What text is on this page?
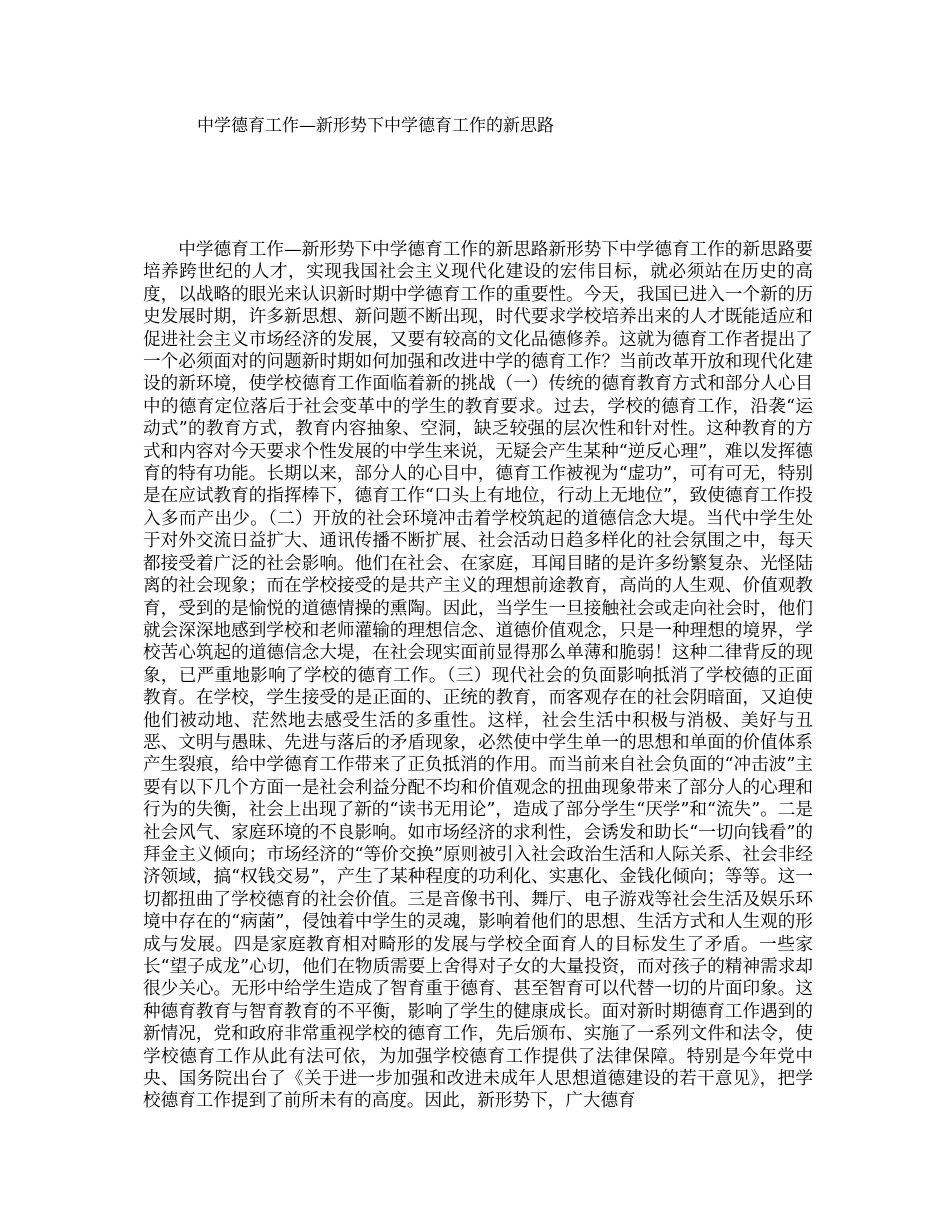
中学德育工作—新形势下中学德育工作的新思路

中学德育工作—新形势下中学德育工作的新思路新形势下中学德育工作的新思路要培养跨世纪的人才，实现我国社会主义现代化建设的宏伟目标，就必须站在历史的高度，以战略的眼光来认识新时期中学德育工作的重要性。今天，我国已进入一个新的历史发展时期，许多新思想、新问题不断出现，时代要求学校培养出来的人才既能适应和促进社会主义市场经济的发展，又要有较高的文化品德修养。这就为德育工作者提出了一个必须面对的问题新时期如何加强和改进中学的德育工作？当前改革开放和现代化建设的新环境，使学校德育工作面临着新的挑战（一）传统的德育教育方式和部分人心目中的德育定位落后于社会变革中的学生的教育要求。过去，学校的德育工作，沿袭“运动式”的教育方式，教育内容抽象、空洞，缺乏较强的层次性和针对性。这种教育的方式和内容对今天要求个性发展的中学生来说，无疑会产生某种“逆反心理”，难以发挥德育的特有功能。长期以来，部分人的心目中，德育工作被视为“虚功”，可有可无，特别是在应试教育的指挥棒下，德育工作“口头上有地位，行动上无地位”，致使德育工作投入多而产出少。（二）开放的社会环境冲击着学校筑起的道德信念大堤。当代中学生处于对外交流日益扩大、通讯传播不断扩展、社会活动日趋多样化的社会氛围之中，每天都接受着广泛的社会影响。他们在社会、在家庭，耳闻目睹的是许多纷繁复杂、光怪陆离的社会现象；而在学校接受的是共产主义的理想前途教育，高尚的人生观、价值观教育，受到的是愉悦的道德情操的熏陶。因此，当学生一旦接触社会或走向社会时，他们就会深深地感到学校和老师灌输的理想信念、道德价值观念，只是一种理想的境界，学校苦心筑起的道德信念大堤，在社会现实面前显得那么单薄和脆弱！这种二律背反的现象，已严重地影响了学校的德育工作。（三）现代社会的负面影响抵消了学校德的正面教育。在学校，学生接受的是正面的、正统的教育，而客观存在的社会阴暗面，又迫使他们被动地、茫然地去感受生活的多重性。这样，社会生活中积极与消极、美好与丑恶、文明与愚昧、先进与落后的矛盾现象，必然使中学生单一的思想和单面的价值体系产生裂痕，给中学德育工作带来了正负抵消的作用。而当前来自社会负面的“冲击波”主要有以下几个方面一是社会利益分配不均和价值观念的扭曲现象带来了部分人的心理和行为的失衡，社会上出现了新的“读书无用论”，造成了部分学生“厌学”和“流失”。二是社会风气、家庭环境的不良影响。如市场经济的求利性，会诱发和助长“一切向钱看”的拜金主义倾向；市场经济的“等价交换”原则被引入社会政治生活和人际关系、社会非经济领域，搞“权钱交易”，产生了某种程度的功利化、实惠化、金钱化倾向；等等。这一切都扭曲了学校德育的社会价值。三是音像书刊、舞厅、电子游戏等社会生活及娱乐环境中存在的“病菌”，侵蚀着中学生的灵魂，影响着他们的思想、生活方式和人生观的形成与发展。四是家庭教育相对畸形的发展与学校全面育人的目标发生了矛盾。一些家长“望子成龙”心切，他们在物质需要上舍得对子女的大量投资，而对孩子的精神需求却很少关心。无形中给学生造成了智育重于德育、甚至智育可以代替一切的片面印象。这种德育教育与智育教育的不平衡，影响了学生的健康成长。面对新时期德育工作遇到的新情况，党和政府非常重视学校的德育工作，先后颁布、实施了一系列文件和法令，使学校德育工作从此有法可依，为加强学校德育工作提供了法律保障。特别是今年党中央、国务院出台了《关于进一步加强和改进未成年人思想道德建设的若干意见》，把学校德育工作提到了前所未有的高度。因此，新形势下，广大德育
